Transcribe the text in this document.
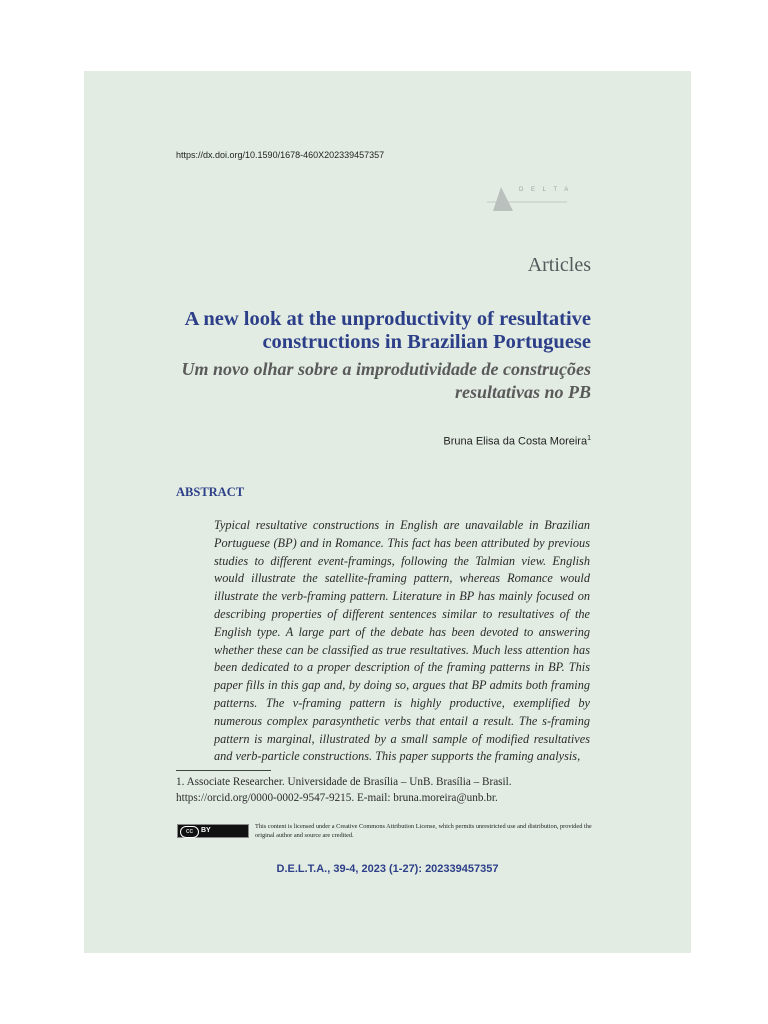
https://dx.doi.org/10.1590/1678-460X202339457357
D E L T A
Articles
A new look at the unproductivity of resultative constructions in Brazilian Portuguese
Um novo olhar sobre a improdutividade de construções resultativas no PB
Bruna Elisa da Costa Moreira$^1$
ABSTRACT
Typical resultative constructions in English are unavailable in Brazilian Portuguese (BP) and in Romance. This fact has been attributed by previous studies to different event-framings, following the Talmian view. English would illustrate the satellite-framing pattern, whereas Romance would illustrate the verb-framing pattern. Literature in BP has mainly focused on describing properties of different sentences similar to resultatives of the English type. A large part of the debate has been devoted to answering whether these can be classified as true resultatives. Much less attention has been dedicated to a proper description of the framing patterns in BP. This paper fills in this gap and, by doing so, argues that BP admits both framing patterns. The v-framing pattern is highly productive, exemplified by numerous complex parasynthetic verbs that entail a result. The s-framing pattern is marginal, illustrated by a small sample of modified resultatives and verb-particle constructions. This paper supports the framing analysis,
1. Associate Researcher. Universidade de Brasília – UnB. Brasília – Brasil. https://orcid.org/0000-0002-9547-9215. E-mail: bruna.moreira@unb.br.
cc	BY
This content is licensed under a Creative Commons Attribution License, which permits unrestricted use and distribution, provided the original author and source are credited.
D.E.L.T.A., 39-4, 2023 (1-27): 202339457357
